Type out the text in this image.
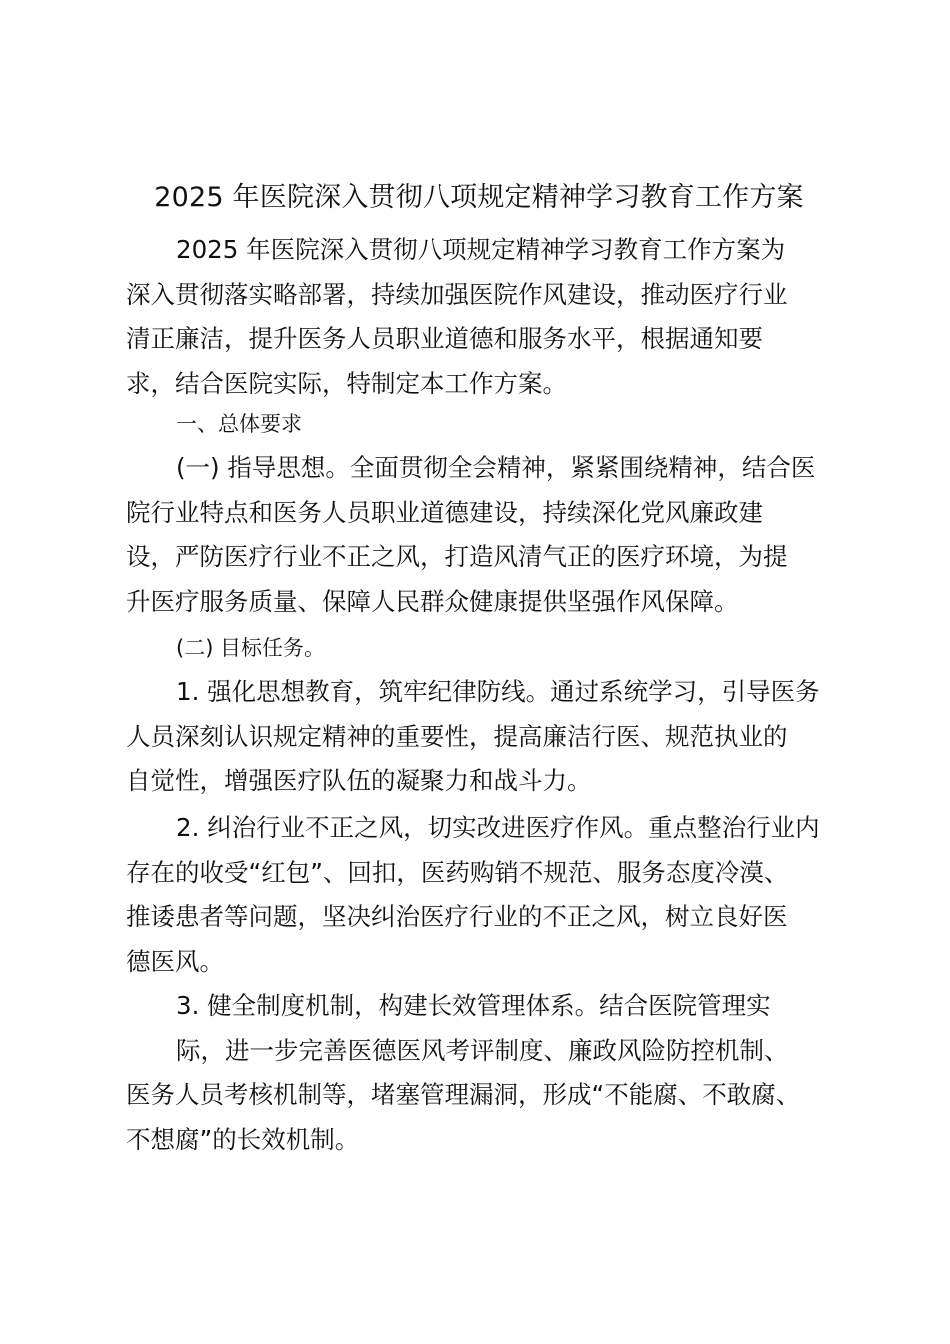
2025 年医院深入贯彻八项规定精神学习教育工作方案
2025 年医院深入贯彻八项规定精神学习教育工作方案为
深入贯彻落实略部署，持续加强医院作风建设，推动医疗行业
清正廉洁，提升医务人员职业道德和服务水平，根据通知要
求，结合医院实际，特制定本工作方案。
一、总体要求
(一) 指导思想。全面贯彻全会精神，紧紧围绕精神，结合医
院行业特点和医务人员职业道德建设，持续深化党风廉政建
设，严防医疗行业不正之风，打造风清气正的医疗环境，为提
升医疗服务质量、保障人民群众健康提供坚强作风保障。
(二) 目标任务。
1. 强化思想教育，筑牢纪律防线。通过系统学习，引导医务
人员深刻认识规定精神的重要性，提高廉洁行医、规范执业的
自觉性，增强医疗队伍的凝聚力和战斗力。
2. 纠治行业不正之风，切实改进医疗作风。重点整治行业内
存在的收受“红包”、回扣，医药购销不规范、服务态度冷漠、
推诿患者等问题，坚决纠治医疗行业的不正之风，树立良好医
德医风。
3. 健全制度机制，构建长效管理体系。结合医院管理实
际，进一步完善医德医风考评制度、廉政风险防控机制、
医务人员考核机制等，堵塞管理漏洞，形成“不能腐、不敢腐、
不想腐”的长效机制。
